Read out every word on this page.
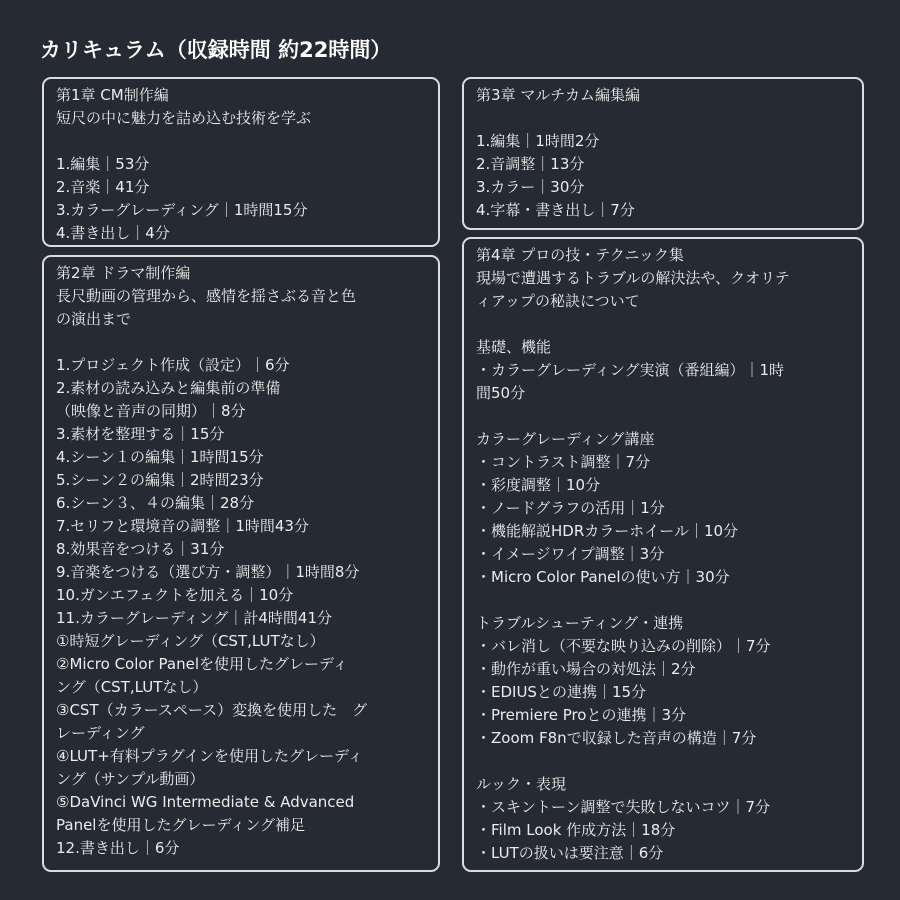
カリキュラム（収録時間 約22時間）
第1章 CM制作編
短尺の中に魅力を詰め込む技術を学ぶ
1.編集｜53分
2.音楽｜41分
3.カラーグレーディング｜1時間15分
4.書き出し｜4分
第2章 ドラマ制作編
長尺動画の管理から、感情を揺さぶる音と色
の演出まで
1.プロジェクト作成（設定）｜6分
2.素材の読み込みと編集前の準備
（映像と音声の同期）｜8分
3.素材を整理する｜15分
4.シーン１の編集｜1時間15分
5.シーン２の編集｜2時間23分
6.シーン３、４の編集｜28分
7.セリフと環境音の調整｜1時間43分
8.効果音をつける｜31分
9.音楽をつける（選び方・調整）｜1時間8分
10.ガンエフェクトを加える｜10分
11.カラーグレーディング｜計4時間41分
①時短グレーディング（CST,LUTなし）
②Micro Color Panelを使用したグレーディ
ング（CST,LUTなし）
③CST（カラースペース）変換を使用した　グ
レーディング
④LUT+有料プラグインを使用したグレーディ
ング（サンプル動画）
⑤DaVinci WG Intermediate & Advanced
Panelを使用したグレーディング補足
12.書き出し｜6分
第3章 マルチカム編集編
1.編集｜1時間2分
2.音調整｜13分
3.カラー｜30分
4.字幕・書き出し｜7分
第4章 プロの技・テクニック集
現場で遭遇するトラブルの解決法や、クオリテ
ィアップの秘訣について
基礎、機能
・カラーグレーディング実演（番組編）｜1時
間50分
カラーグレーディング講座
・コントラスト調整｜7分
・彩度調整｜10分
・ノードグラフの活用｜1分
・機能解説HDRカラーホイール｜10分
・イメージワイプ調整｜3分
・Micro Color Panelの使い方｜30分
トラブルシューティング・連携
・バレ消し（不要な映り込みの削除）｜7分
・動作が重い場合の対処法｜2分
・EDIUSとの連携｜15分
・Premiere Proとの連携｜3分
・Zoom F8nで収録した音声の構造｜7分
ルック・表現
・スキントーン調整で失敗しないコツ｜7分
・Film Look 作成方法｜18分
・LUTの扱いは要注意｜6分
